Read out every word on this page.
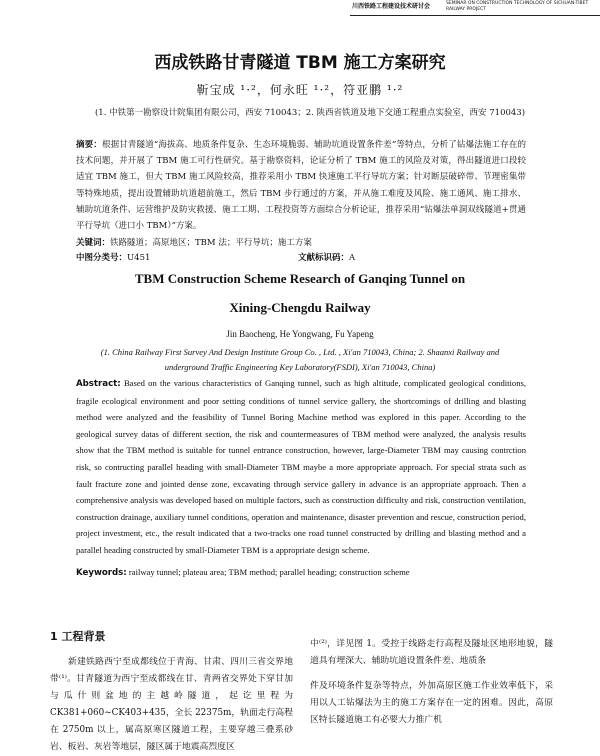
川西铁路工程建设技术研讨会	SEMINAR ON CONSTRUCTION TECHNOLOGY OF SICHUAN-TIBET RAILWAY PROJECT
西成铁路甘青隧道 TBM 施工方案研究
靳宝成 ¹·²，何永旺 ¹·²，符亚鹏 ¹·²
(1. 中铁第一勘察设计院集团有限公司，西安 710043；2. 陕西省铁道及地下交通工程重点实验室，西安 710043)
摘要：根据甘青隧道“海拔高、地质条件复杂、生态环境脆弱、辅助坑道设置条件差”等特点，分析了钻爆法施工存在的技术问题，并开展了 TBM 施工可行性研究。基于勘察资料，论证分析了 TBM 施工的风险及对策，得出隧道进口段较适宜 TBM 施工，但大 TBM 施工风险较高，推荐采用小 TBM 快速施工平行导坑方案；针对断层破碎带、节理密集带等特殊地质，提出设置辅助坑道超前施工，然后 TBM 步行通过的方案，并从施工难度及风险、施工通风、施工排水、辅助坑道条件、运营维护及防灾救援、施工工期、工程投资等方面综合分析论证，推荐采用“钻爆法单洞双线隧道+贯通平行导坑（进口小 TBM）”方案。
关键词：铁路隧道；高原地区；TBM 法；平行导坑；施工方案
中图分类号：U451	文献标识码：A
TBM Construction Scheme Research of Ganqing Tunnel on
Xining-Chengdu Railway
Jin Baocheng, He Yongwang, Fu Yapeng
(1. China Railway First Survey And Design Institute Group Co. , Ltd. , Xi'an 710043, China; 2. Shaanxi Railway and underground Traffic Engineering Key Laboratory(FSDI), Xi'an 710043, China)
Abstract: Based on the various characteristics of Ganqing tunnel, such as high altitude, complicated geological conditions, fragile ecological environment and poor setting conditions of tunnel service gallery, the shortcomings of drilling and blasting method were analyzed and the feasibility of Tunnel Boring Machine method was explored in this paper. According to the geological survey datas of different section, the risk and countermeasures of TBM method were analyzed, the analysis results show that the TBM method is suitable for tunnel entrance construction, however, large-Diameter TBM may causing contrction risk, so contructing parallel heading with small-Diameter TBM maybe a more appropriate approach. For special strata such as fault fracture zone and jointed dense zone, excavating through service gallery in advance is an appropriate approach. Then a comprehensive analysis was developed based on multiple factors, such as construction difficulty and risk, construction ventilation, construction drainage, auxiliary tunnel conditions, operation and maintenance, disaster prevention and rescue, construction period, project investment, etc., the result indicated that a two-tracks one road tunnel constructed by drilling and blasting method and a parallel heading constructed by small-Diameter TBM is a appropriate design scheme.
Keywords: railway tunnel; plateau area; TBM method; parallel heading; construction scheme
1 工程背景
新建铁路西宁至成都线位于青海、甘肃、四川三省交界地带⁽¹⁾。甘青隧道为西宁至成都线在甘、青两省交界处下穿甘加与瓜什则盆地的主越岭隧道，起讫里程为 CK381+060~CK403+435，全长 22375m，轨面走行高程在 2750m 以上，属高原寒区隧道工程，主要穿越三叠系砂岩、板岩、灰岩等地层，隧区属于地震高烈度区

中⁽²⁾，详见图 1。受控于线路走行高程及隧址区地形地貌，隧道具有埋深大、辅助坑道设置条件差、地质条

件及环境条件复杂等特点，外加高原区施工作业效率低下，采用以人工钻爆法为主的施工方案存在一定的困难。因此，高原区特长隧道施工有必要大力推广机
